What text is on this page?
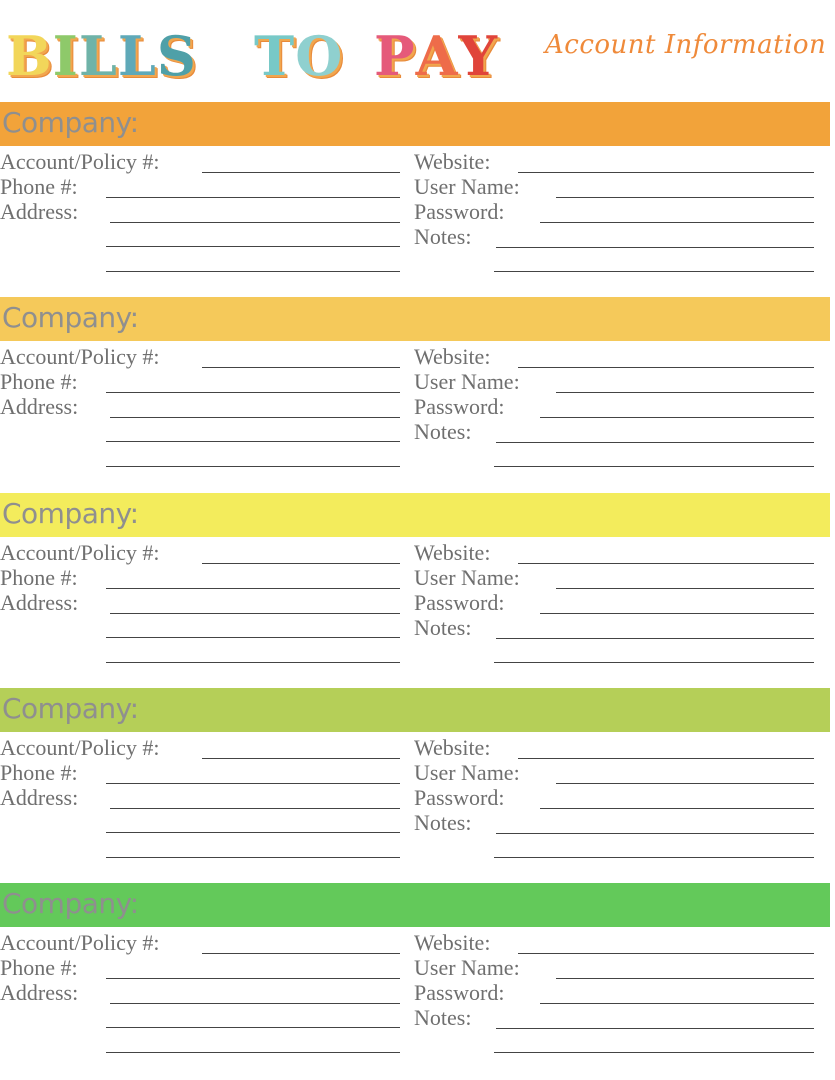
BILLS TO PAY Account Information
Company:
Account/Policy #:
Phone #:
Address:
Website:
User Name:
Password:
Notes:
Company:
Account/Policy #:
Phone #:
Address:
Website:
User Name:
Password:
Notes:
Company:
Account/Policy #:
Phone #:
Address:
Website:
User Name:
Password:
Notes:
Company:
Account/Policy #:
Phone #:
Address:
Website:
User Name:
Password:
Notes:
Company:
Account/Policy #:
Phone #:
Address:
Website:
User Name:
Password:
Notes:
